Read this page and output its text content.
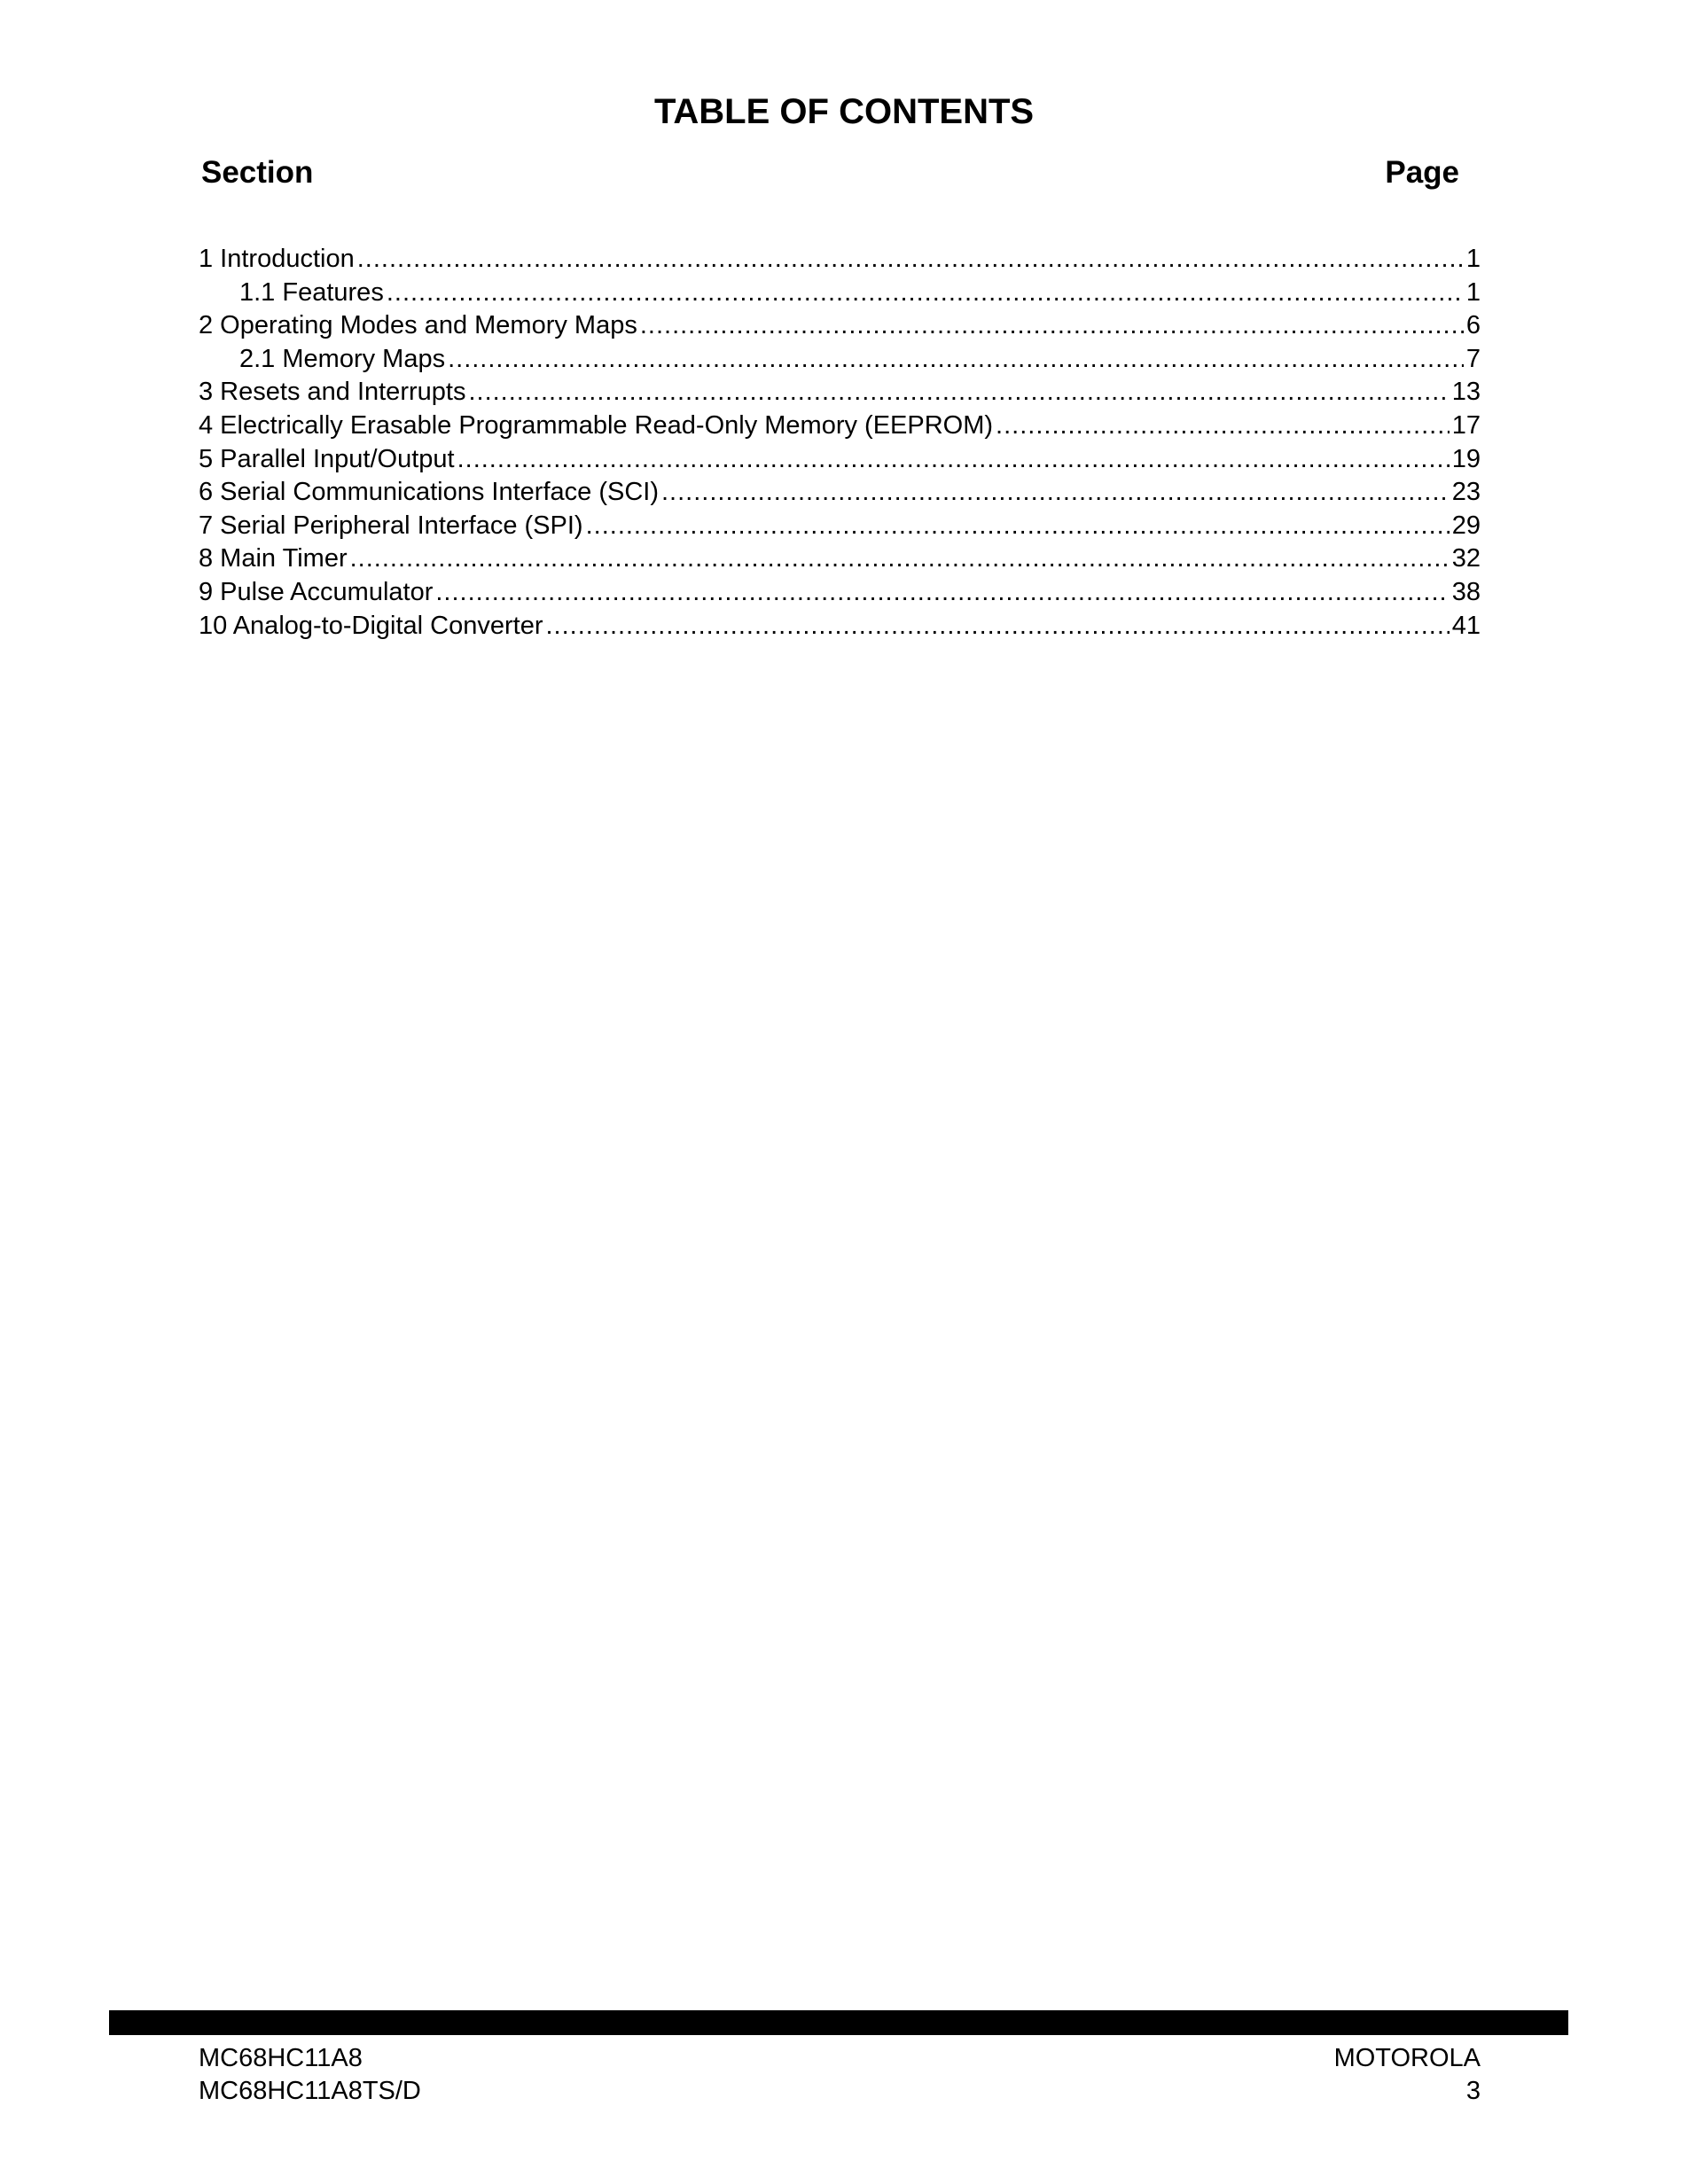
TABLE OF CONTENTS
Section	Page
1 Introduction .....	1
1.1 Features .....	1
2 Operating Modes and Memory Maps .....	6
2.1 Memory Maps .....	7
3 Resets and Interrupts .....	13
4 Electrically Erasable Programmable Read-Only Memory (EEPROM) .....	17
5 Parallel Input/Output .....	19
6 Serial Communications Interface (SCI) .....	23
7 Serial Peripheral Interface (SPI) .....	29
8 Main Timer .....	32
9 Pulse Accumulator .....	38
10 Analog-to-Digital Converter .....	41
MC68HC11A8
MC68HC11A8TS/D
MOTOROLA
3
